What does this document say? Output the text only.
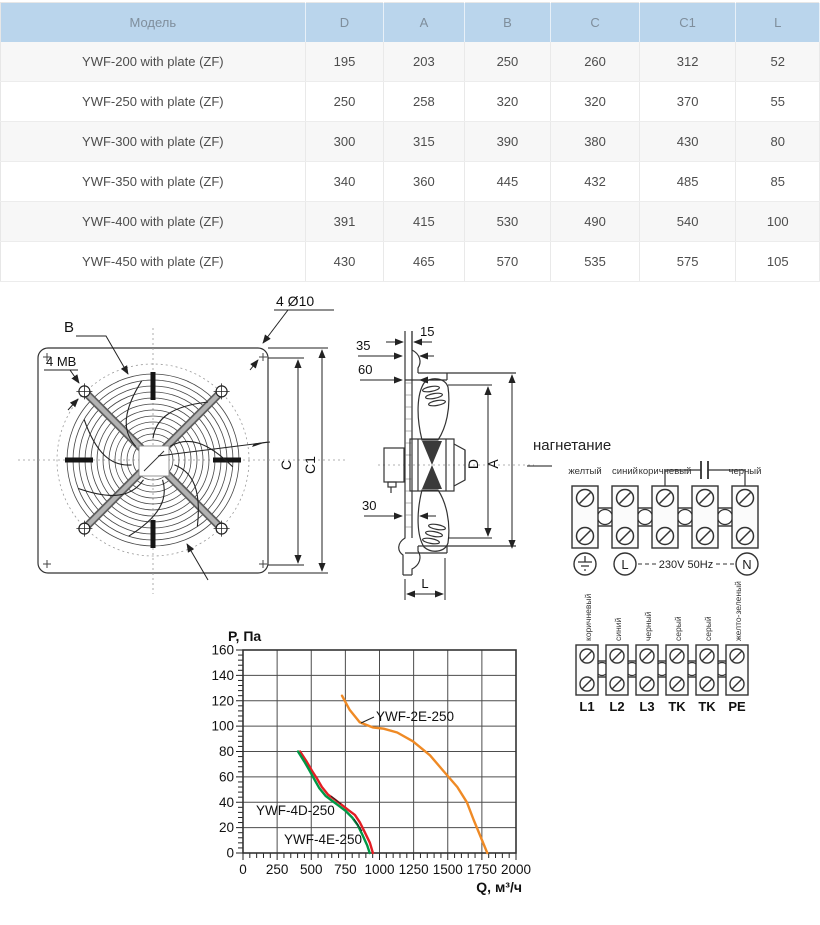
Модель	D	A	B	C	C1	L
YWF-200 with plate (ZF)	195	203	250	260	312	52
YWF-250 with plate (ZF)	250	258	320	320	370	55
YWF-300 with plate (ZF)	300	315	390	380	430	80
YWF-350 with plate (ZF)	340	360	445	432	485	85
YWF-400 with plate (ZF)	391	415	530	490	540	100
YWF-450 with plate (ZF)	430	465	570	535	575	105
B
4 MB
4 Ø10
C C1
15
35
60
30
D A
L
нагнетание
желтый синий коричневый	черный
L	N
230V 50Hz
коричневый синий черный серый серый желто-зеленый
L1 L2 L3 TK TK PE
0 250 500 750 1000 1250 1500 1750 2000
0
20
40
60
80
100
120
140
160
P, Па
Q, м³/ч
YWF-2E-250
YWF-4D-250
YWF-4E-250
